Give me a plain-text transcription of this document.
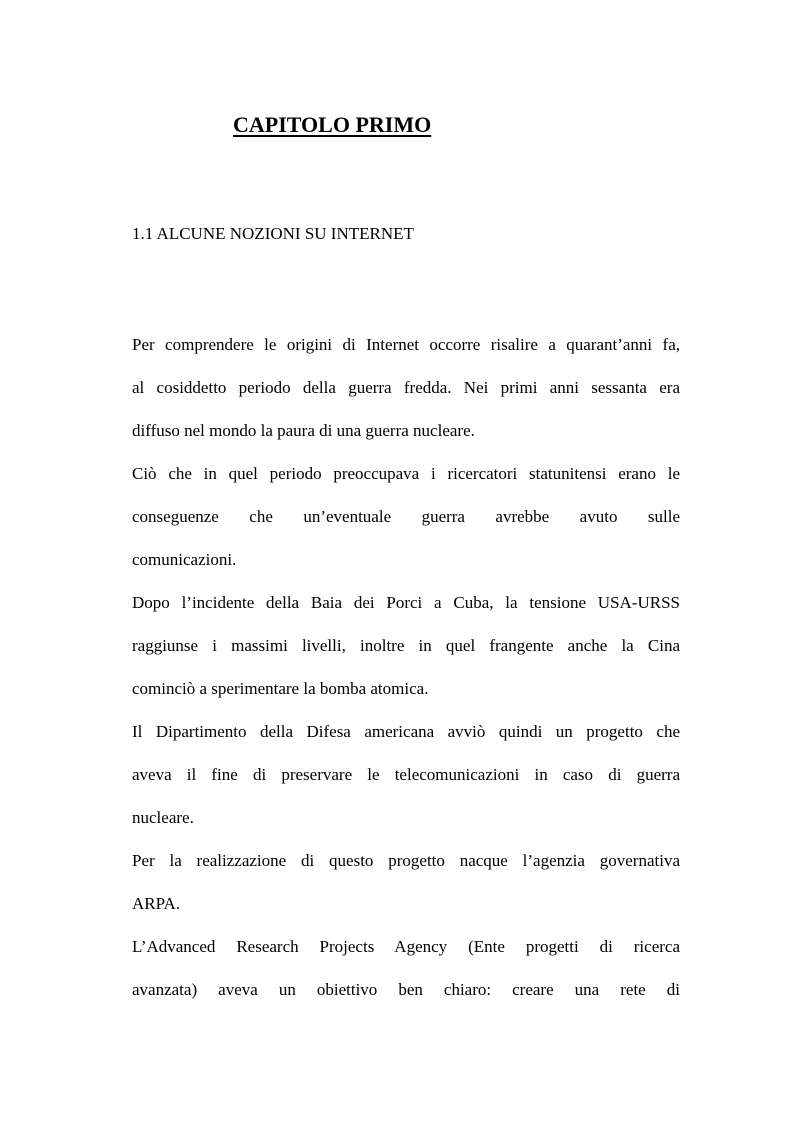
CAPITOLO PRIMO
1.1 ALCUNE NOZIONI SU INTERNET
Per comprendere le origini di Internet occorre risalire a quarant’anni fa,
al cosiddetto periodo della guerra fredda. Nei primi anni sessanta era
diffuso nel mondo la paura di una guerra nucleare.
Ciò che in quel periodo preoccupava i ricercatori statunitensi erano le
conseguenze che un’eventuale guerra avrebbe avuto sulle
comunicazioni.
Dopo l’incidente della Baia dei Porci a Cuba, la tensione USA-URSS
raggiunse i massimi livelli, inoltre in quel frangente anche la Cina
cominciò a sperimentare la bomba atomica.
Il Dipartimento della Difesa americana avviò quindi un progetto che
aveva il fine di preservare le telecomunicazioni in caso di guerra
nucleare.
Per la realizzazione di questo progetto nacque l’agenzia governativa
ARPA.
L’Advanced Research Projects Agency (Ente progetti di ricerca
avanzata) aveva un obiettivo ben chiaro: creare una rete di
